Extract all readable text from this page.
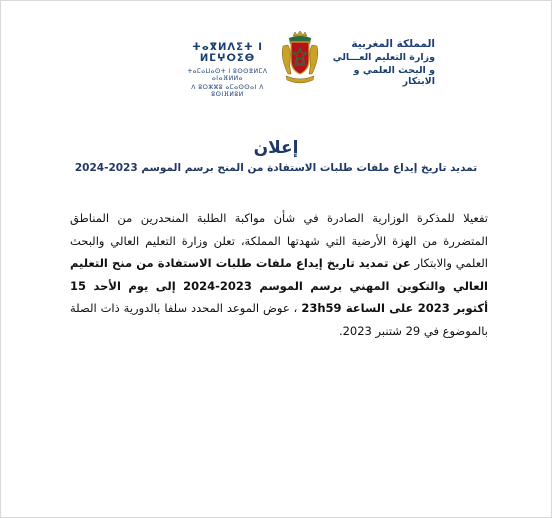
ⵜⴰⴳⵍⴷⵉⵜ ⵏ ⵍⵎⵖⵔⵉⴱ
ⵜⴰⵎⴰⵡⴰⵙⵜ ⵏ ⵓⵙⵙⴻⵍⵎⴷ ⴰⵏⴰⴼⵍⵍⴰ
ⴷ ⵓⵔⵣⵣⵓ ⴰⵎⴰⵙⵙⴰⵏ ⴷ ⵓⵙⵏⴼⵍⵓⵍ
المملكة المغربية
وزارة التعليم العـــالي
و البحث العلمي و الابتكار
إعلان
تمديد تاريخ إيداع ملفات طلبات الاستفادة من المنح برسم الموسم 2023-2024
تفعيلا للمذكرة الوزارية الصادرة في شأن مواكبة الطلبة المنحدرين من المناطق المتضررة من الهزة الأرضية التي شهدتها المملكة، تعلن وزارة التعليم العالي والبحث العلمي والابتكار عن تمديد تاريخ إيداع ملفات طلبات الاستفادة من منح التعليم العالي والتكوين المهني برسم الموسم 2023-2024 إلى يوم الأحد 15 أكتوبر 2023 على الساعة 23h59 ، عوض الموعد المحدد سلفا بالدورية ذات الصلة بالموضوع في 29 شتنبر 2023.
